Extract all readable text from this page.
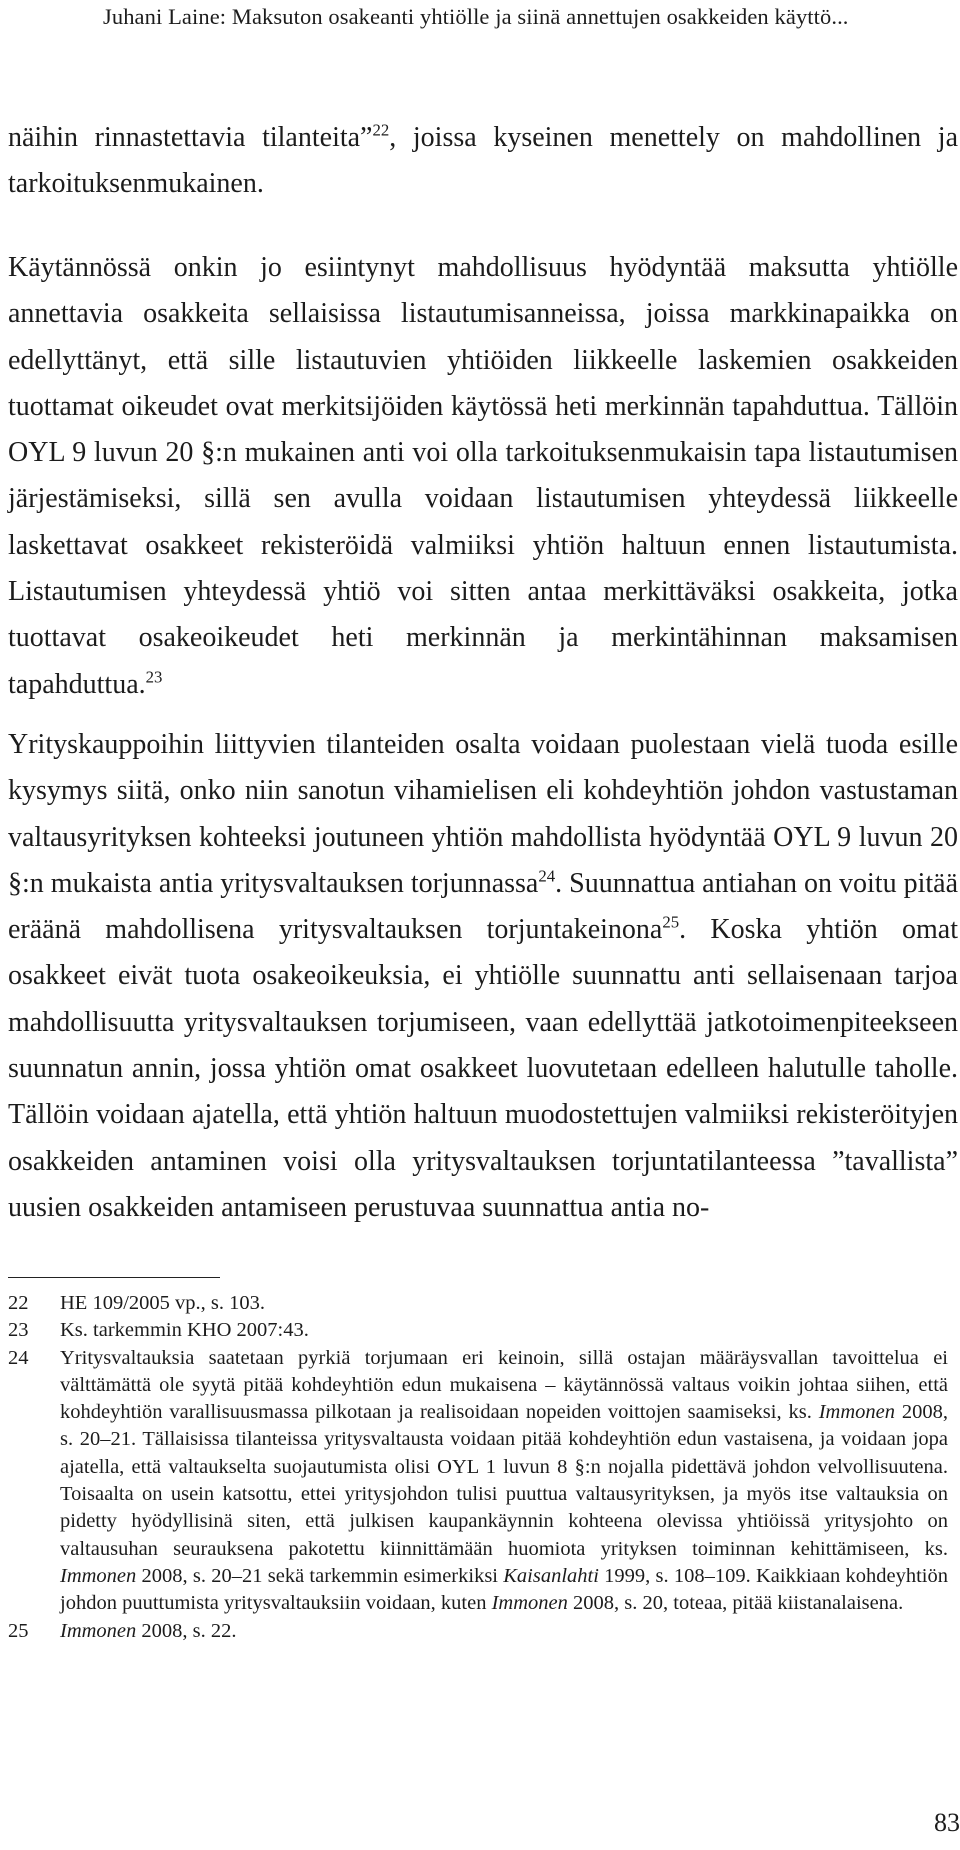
Juhani Laine: Maksuton osakeanti yhtiölle ja siinä annettujen osakkeiden käyttö...

näihin rinnastettavia tilanteita”$^{22}$, joissa kyseinen menettely on mahdollinen ja tarkoituksenmukainen.

Käytännössä onkin jo esiintynyt mahdollisuus hyödyntää maksutta yhtiölle annettavia osakkeita sellaisissa listautumisanneissa, joissa markkinapaikka on edellyttänyt, että sille listautuvien yhtiöiden liikkeelle laskemien osakkeiden tuottamat oikeudet ovat merkitsijöiden käytössä heti merkinnän tapahduttua. Tällöin OYL 9 luvun 20 §:n mukainen anti voi olla tarkoituksenmukaisin tapa listautumisen järjestämiseksi, sillä sen avulla voidaan listautumisen yhteydessä liikkeelle laskettavat osakkeet rekisteröidä valmiiksi yhtiön haltuun ennen listautumista. Listautumisen yhteydessä yhtiö voi sitten antaa merkittäväksi osakkeita, jotka tuottavat osakeoikeudet heti merkinnän ja merkintähinnan maksamisen tapahduttua.$^{23}$

Yrityskauppoihin liittyvien tilanteiden osalta voidaan puolestaan vielä tuoda esille kysymys siitä, onko niin sanotun vihamielisen eli kohdeyhtiön johdon vastustaman valtausyrityksen kohteeksi joutuneen yhtiön mahdollista hyödyntää OYL 9 luvun 20 §:n mukaista antia yritysvaltauksen torjunnassa$^{24}$. Suunnattua antiahan on voitu pitää eräänä mahdollisena yritysvaltauksen torjuntakeinona$^{25}$. Koska yhtiön omat osakkeet eivät tuota osakeoikeuksia, ei yhtiölle suunnattu anti sellaisenaan tarjoa mahdollisuutta yritysvaltauksen torjumiseen, vaan edellyttää jatkotoimenpiteekseen suunnatun annin, jossa yhtiön omat osakkeet luovutetaan edelleen halutulle taholle. Tällöin voidaan ajatella, että yhtiön haltuun muodostettujen valmiiksi rekisteröityjen osakkeiden antaminen voisi olla yritysvaltauksen torjuntatilanteessa ”tavallista” uusien osakkeiden antamiseen perustuvaa suunnattua antia no-

22	HE 109/2005 vp., s. 103.
23	Ks. tarkemmin KHO 2007:43.
24	Yritysvaltauksia saatetaan pyrkiä torjumaan eri keinoin, sillä ostajan määräysvallan tavoittelua ei välttämättä ole syytä pitää kohdeyhtiön edun mukaisena – käytännössä valtaus voikin johtaa siihen, että kohdeyhtiön varallisuusmassa pilkotaan ja realisoidaan nopeiden voittojen saamiseksi, ks. Immonen 2008, s. 20–21. Tällaisissa tilanteissa yritysvaltausta voidaan pitää kohdeyhtiön edun vastaisena, ja voidaan jopa ajatella, että valtaukselta suojautumista olisi OYL 1 luvun 8 §:n nojalla pidettävä johdon velvollisuutena. Toisaalta on usein katsottu, ettei yritysjohdon tulisi puuttua valtausyrityksen, ja myös itse valtauksia on pidetty hyödyllisinä siten, että julkisen kaupankäynnin kohteena olevissa yhtiöissä yritysjohto on valtausuhan seurauksena pakotettu kiinnittämään huomiota yrityksen toiminnan kehittämiseen, ks. Immonen 2008, s. 20–21 sekä tarkemmin esimerkiksi Kaisanlahti 1999, s. 108–109. Kaikkiaan kohdeyhtiön johdon puuttumista yritysvaltauksiin voidaan, kuten Immonen 2008, s. 20, toteaa, pitää kiistanalaisena.
25	Immonen 2008, s. 22.
83
